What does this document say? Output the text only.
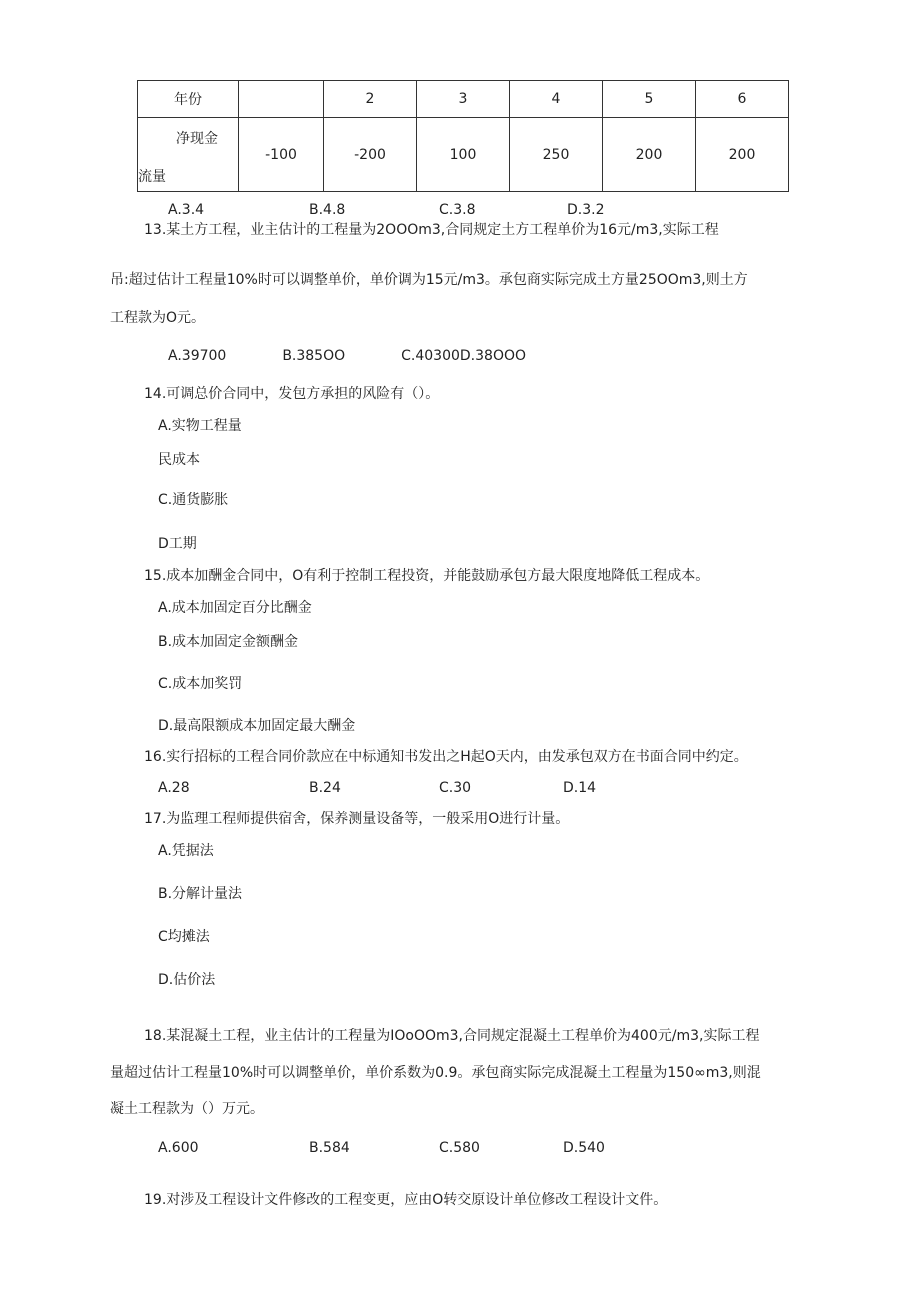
年份		2	3	4	5	6

净现金
流量	-100	-200	100	250	200	200
A.3.4	B.4.8	C.3.8	D.3.2
13.某土方工程，业主估计的工程量为2OOOm3,合同规定土方工程单价为16元/m3,实际工程
吊:超过估计工程量10%时可以调整单价，单价调为15元/m3。承包商实际完成土方量25OOm3,则土方
工程款为O元。
A.39700　　　　B.385OO　　　　C.40300D.38OOO
14.可调总价合同中，发包方承担的风险有（）。
A.实物工程量
民成本
C.通货膨胀
D工期
15.成本加酬金合同中，O有利于控制工程投资，并能鼓励承包方最大限度地降低工程成本。
A.成本加固定百分比酬金
B.成本加固定金额酬金
C.成本加奖罚
D.最高限额成本加固定最大酬金
16.实行招标的工程合同价款应在中标通知书发出之H起O天内，由发承包双方在书面合同中约定。
A.28	B.24	C.30	D.14
17.为监理工程师提供宿舍，保养测量设备等，一般采用O进行计量。
A.凭据法
B.分解计量法
C均摊法
D.估价法
18.某混凝土工程，业主估计的工程量为IOoOOm3,合同规定混凝土工程单价为400元/m3,实际工程
量超过估计工程量10%时可以调整单价，单价系数为0.9。承包商实际完成混凝土工程量为150∞m3,则混
凝土工程款为（）万元。
A.600	B.584	C.580	D.540
19.对涉及工程设计文件修改的工程变更，应由O转交原设计单位修改工程设计文件。
